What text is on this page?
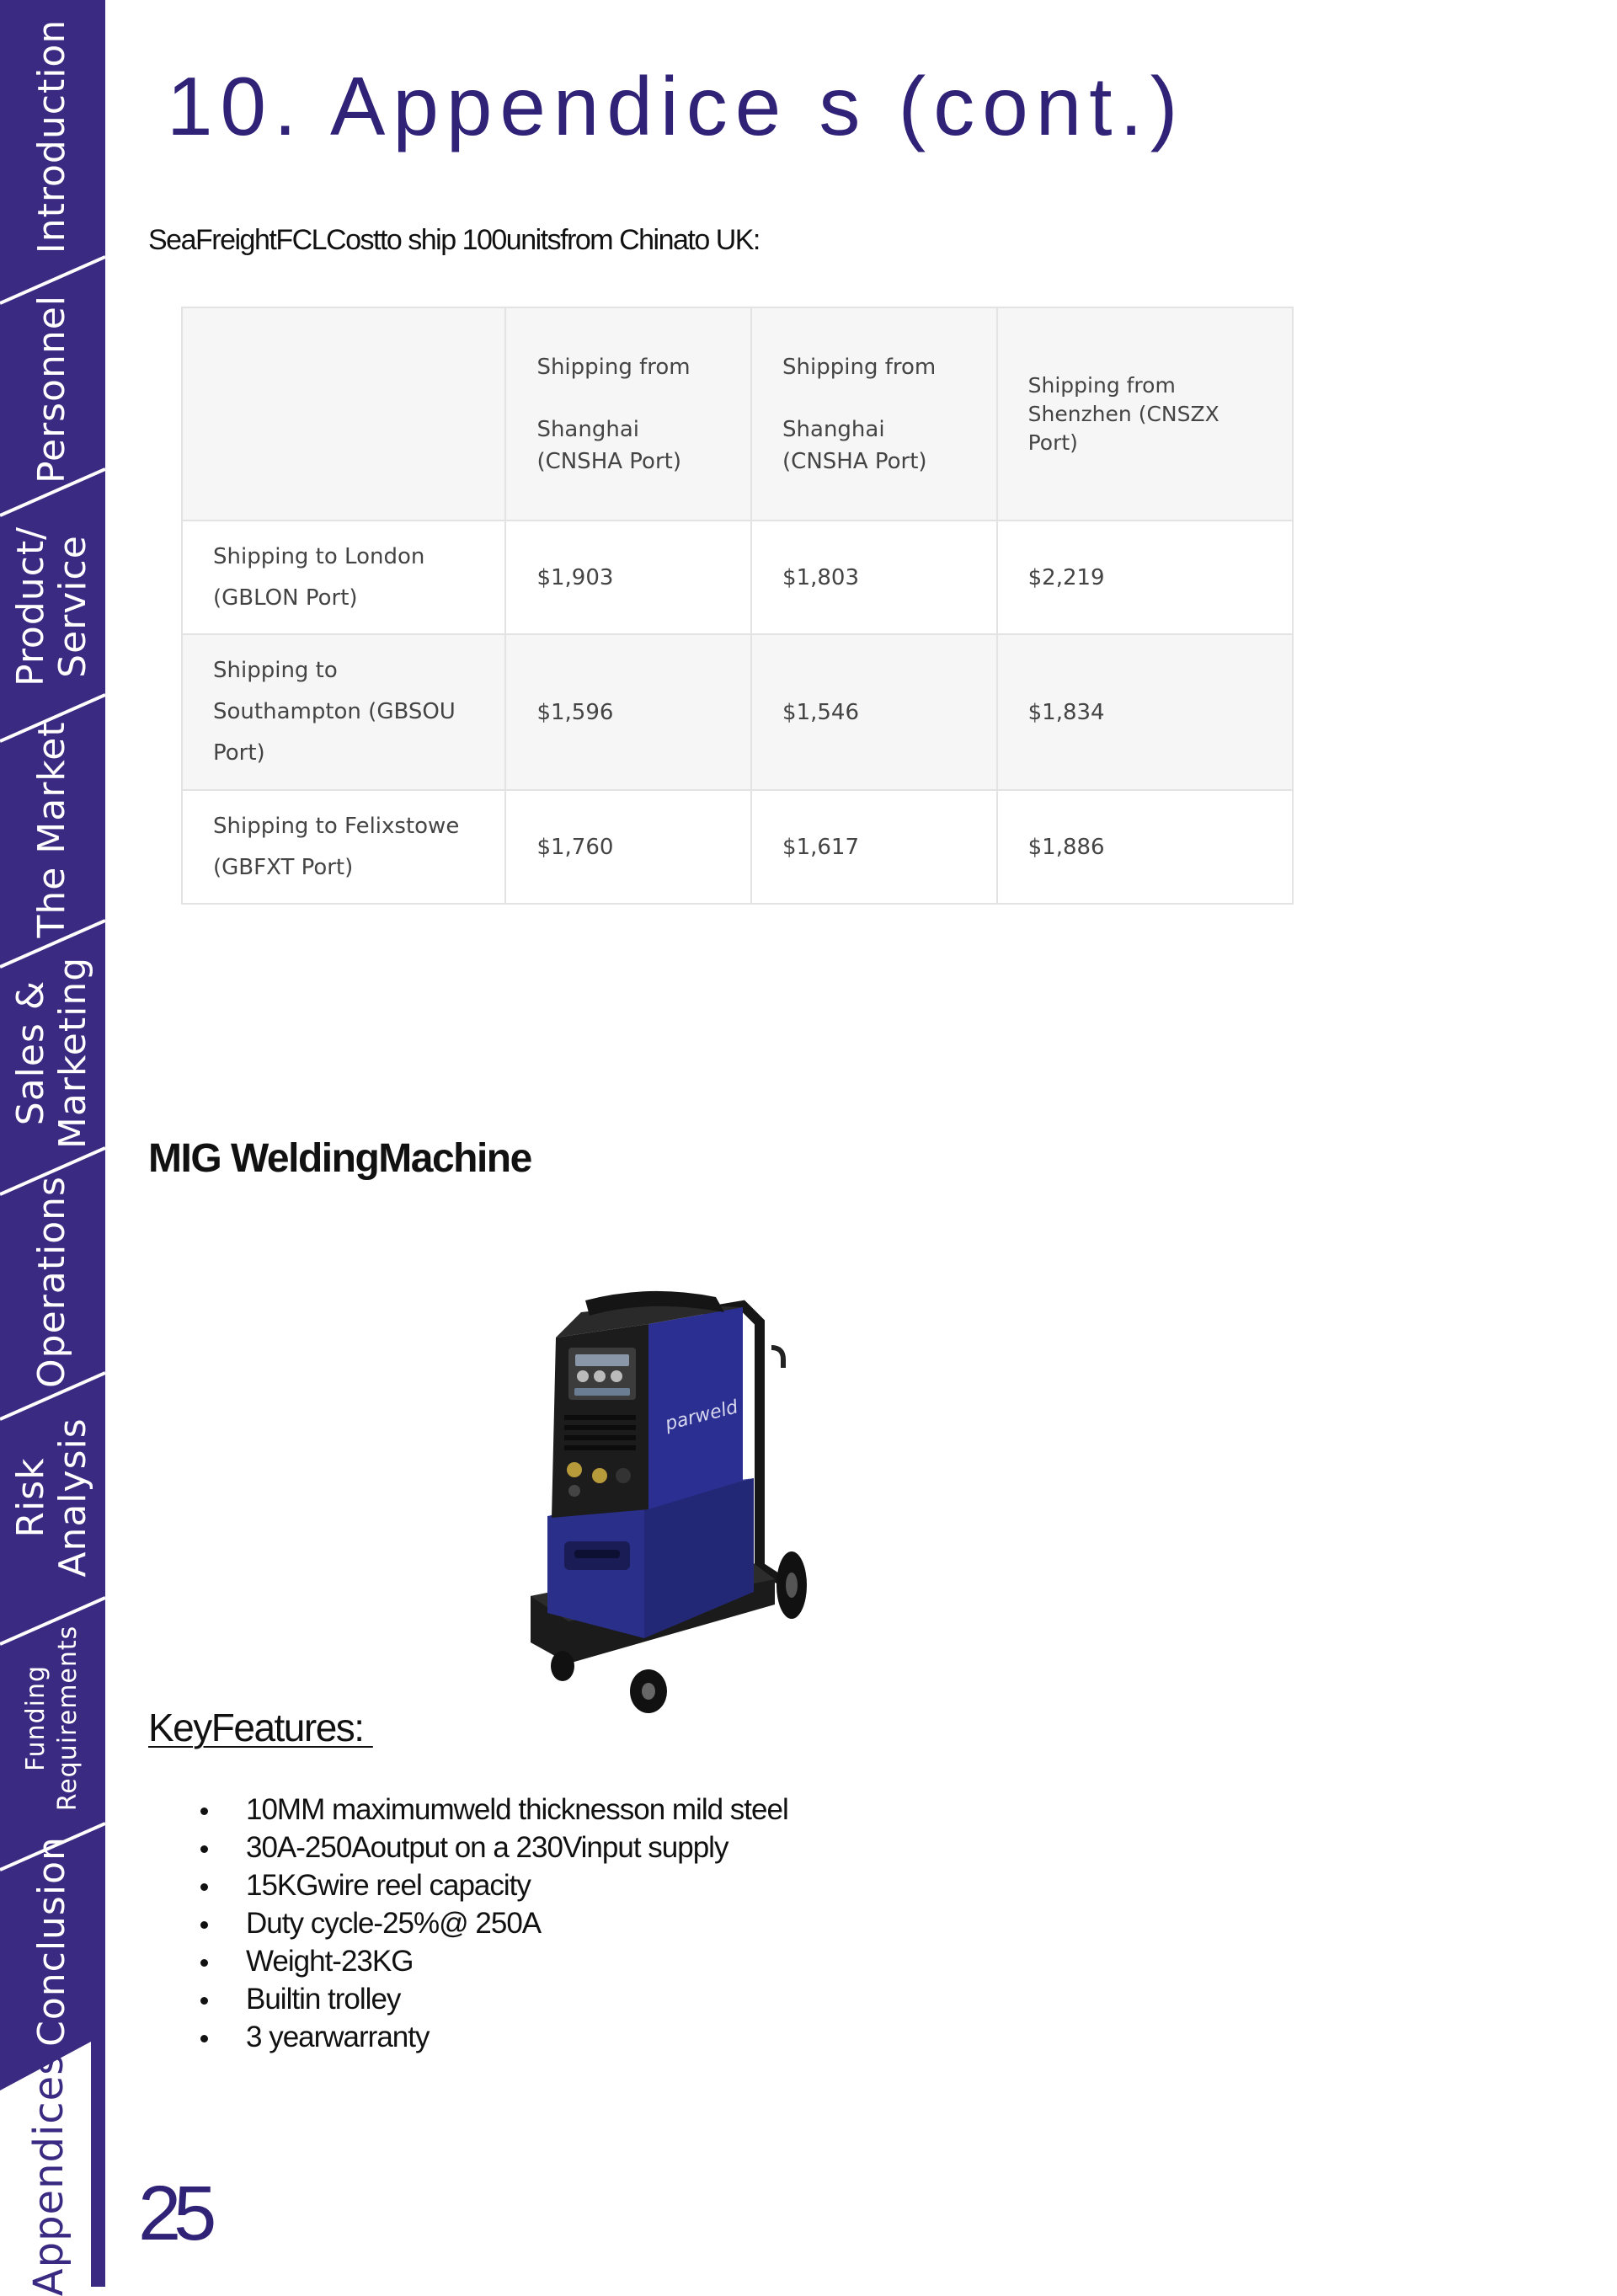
Introduction
Personnel
Product/ Service
The Market
Sales & Marketing
Operations
Risk Analysis
Funding Requirements
Conclusion
Appendices
10. Appendice s (cont.)
SeaFreightFCLCostto ship 100unitsfrom Chinato UK:

	Shipping from
Shanghai
(CNSHA Port)	Shipping from
Shanghai
(CNSHA Port)	Shipping from
Shenzhen (CNSZX
Port)

Shipping to London
(GBLON Port)	$1,903	$1,803	$2,219

Shipping to
Southampton (GBSOU
Port)	$1,596	$1,546	$1,834

Shipping to Felixstowe
(GBFXT Port)	$1,760	$1,617	$1,886
MIG WeldingMachine
parweld
KeyFeatures:
10MM maximumweld thicknesson mild steel
30A-250Aoutput on a 230Vinput supply
15KGwire reel capacity
Duty cycle-25%@ 250A
Weight-23KG
Builtin trolley
3 yearwarranty
25
